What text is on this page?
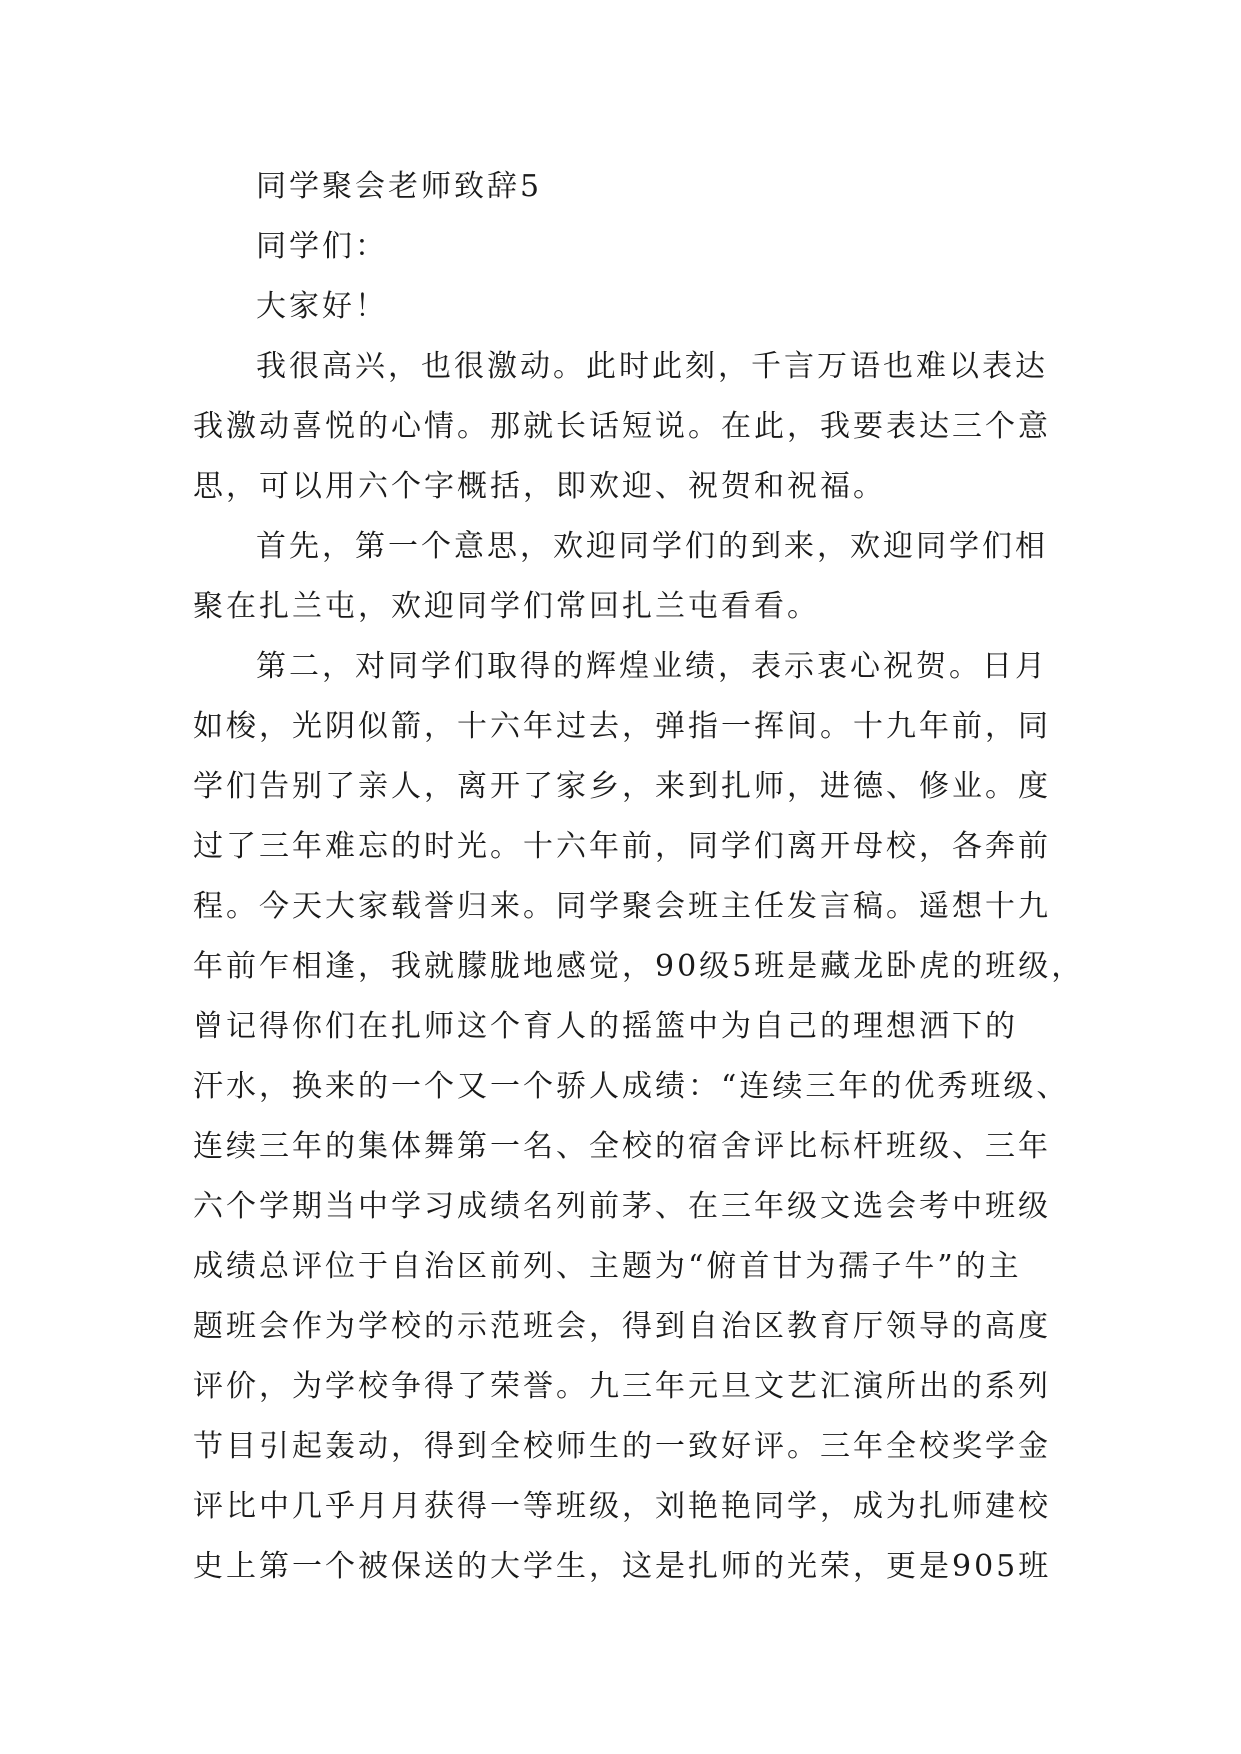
同学聚会老师致辞5
同学们：
大家好！
我很高兴，也很激动。此时此刻，千言万语也难以表达
我激动喜悦的心情。那就长话短说。在此，我要表达三个意
思，可以用六个字概括，即欢迎、祝贺和祝福。
首先，第一个意思，欢迎同学们的到来，欢迎同学们相
聚在扎兰屯，欢迎同学们常回扎兰屯看看。
第二，对同学们取得的辉煌业绩，表示衷心祝贺。日月
如梭，光阴似箭，十六年过去，弹指一挥间。十九年前，同
学们告别了亲人，离开了家乡，来到扎师，进德、修业。度
过了三年难忘的时光。十六年前，同学们离开母校，各奔前
程。今天大家载誉归来。同学聚会班主任发言稿。遥想十九
年前乍相逢，我就朦胧地感觉，90级5班是藏龙卧虎的班级，
曾记得你们在扎师这个育人的摇篮中为自己的理想洒下的
汗水，换来的一个又一个骄人成绩：“连续三年的优秀班级、
连续三年的集体舞第一名、全校的宿舍评比标杆班级、三年
六个学期当中学习成绩名列前茅、在三年级文选会考中班级
成绩总评位于自治区前列、主题为“俯首甘为孺子牛”的主
题班会作为学校的示范班会，得到自治区教育厅领导的高度
评价，为学校争得了荣誉。九三年元旦文艺汇演所出的系列
节目引起轰动，得到全校师生的一致好评。三年全校奖学金
评比中几乎月月获得一等班级，刘艳艳同学，成为扎师建校
史上第一个被保送的大学生，这是扎师的光荣，更是905班
